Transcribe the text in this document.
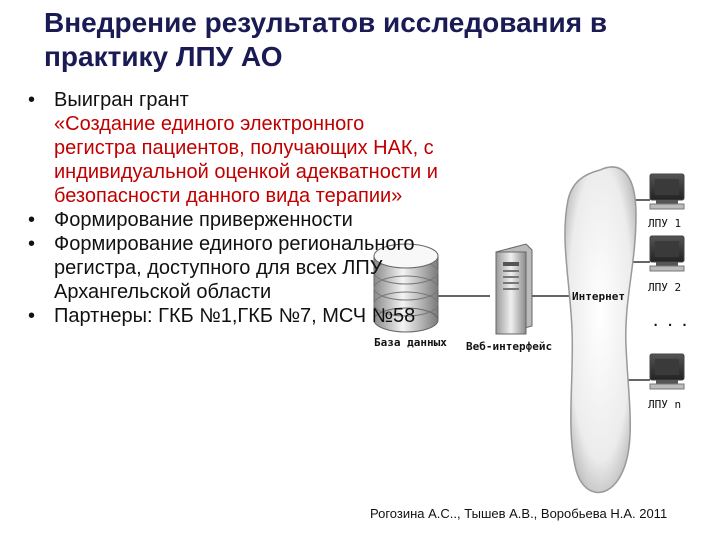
База данных Веб-интерфейс
Интернет
ЛПУ 1
ЛПУ 2
. . .
ЛПУ n
Внедрение результатов исследования в практику ЛПУ АО
• Выигран грант
«Создание единого электронного регистра пациентов, получающих НАК, с индивидуальной оценкой адекватности и безопасности данного вида терапии»
• Формирование приверженности
• Формирование единого регионального регистра, доступного для всех ЛПУ Архангельской области
• Партнеры: ГКБ №1,ГКБ №7, МСЧ №58
Рогозина А.С.., Тышев А.В., Воробьева Н.А. 2011
